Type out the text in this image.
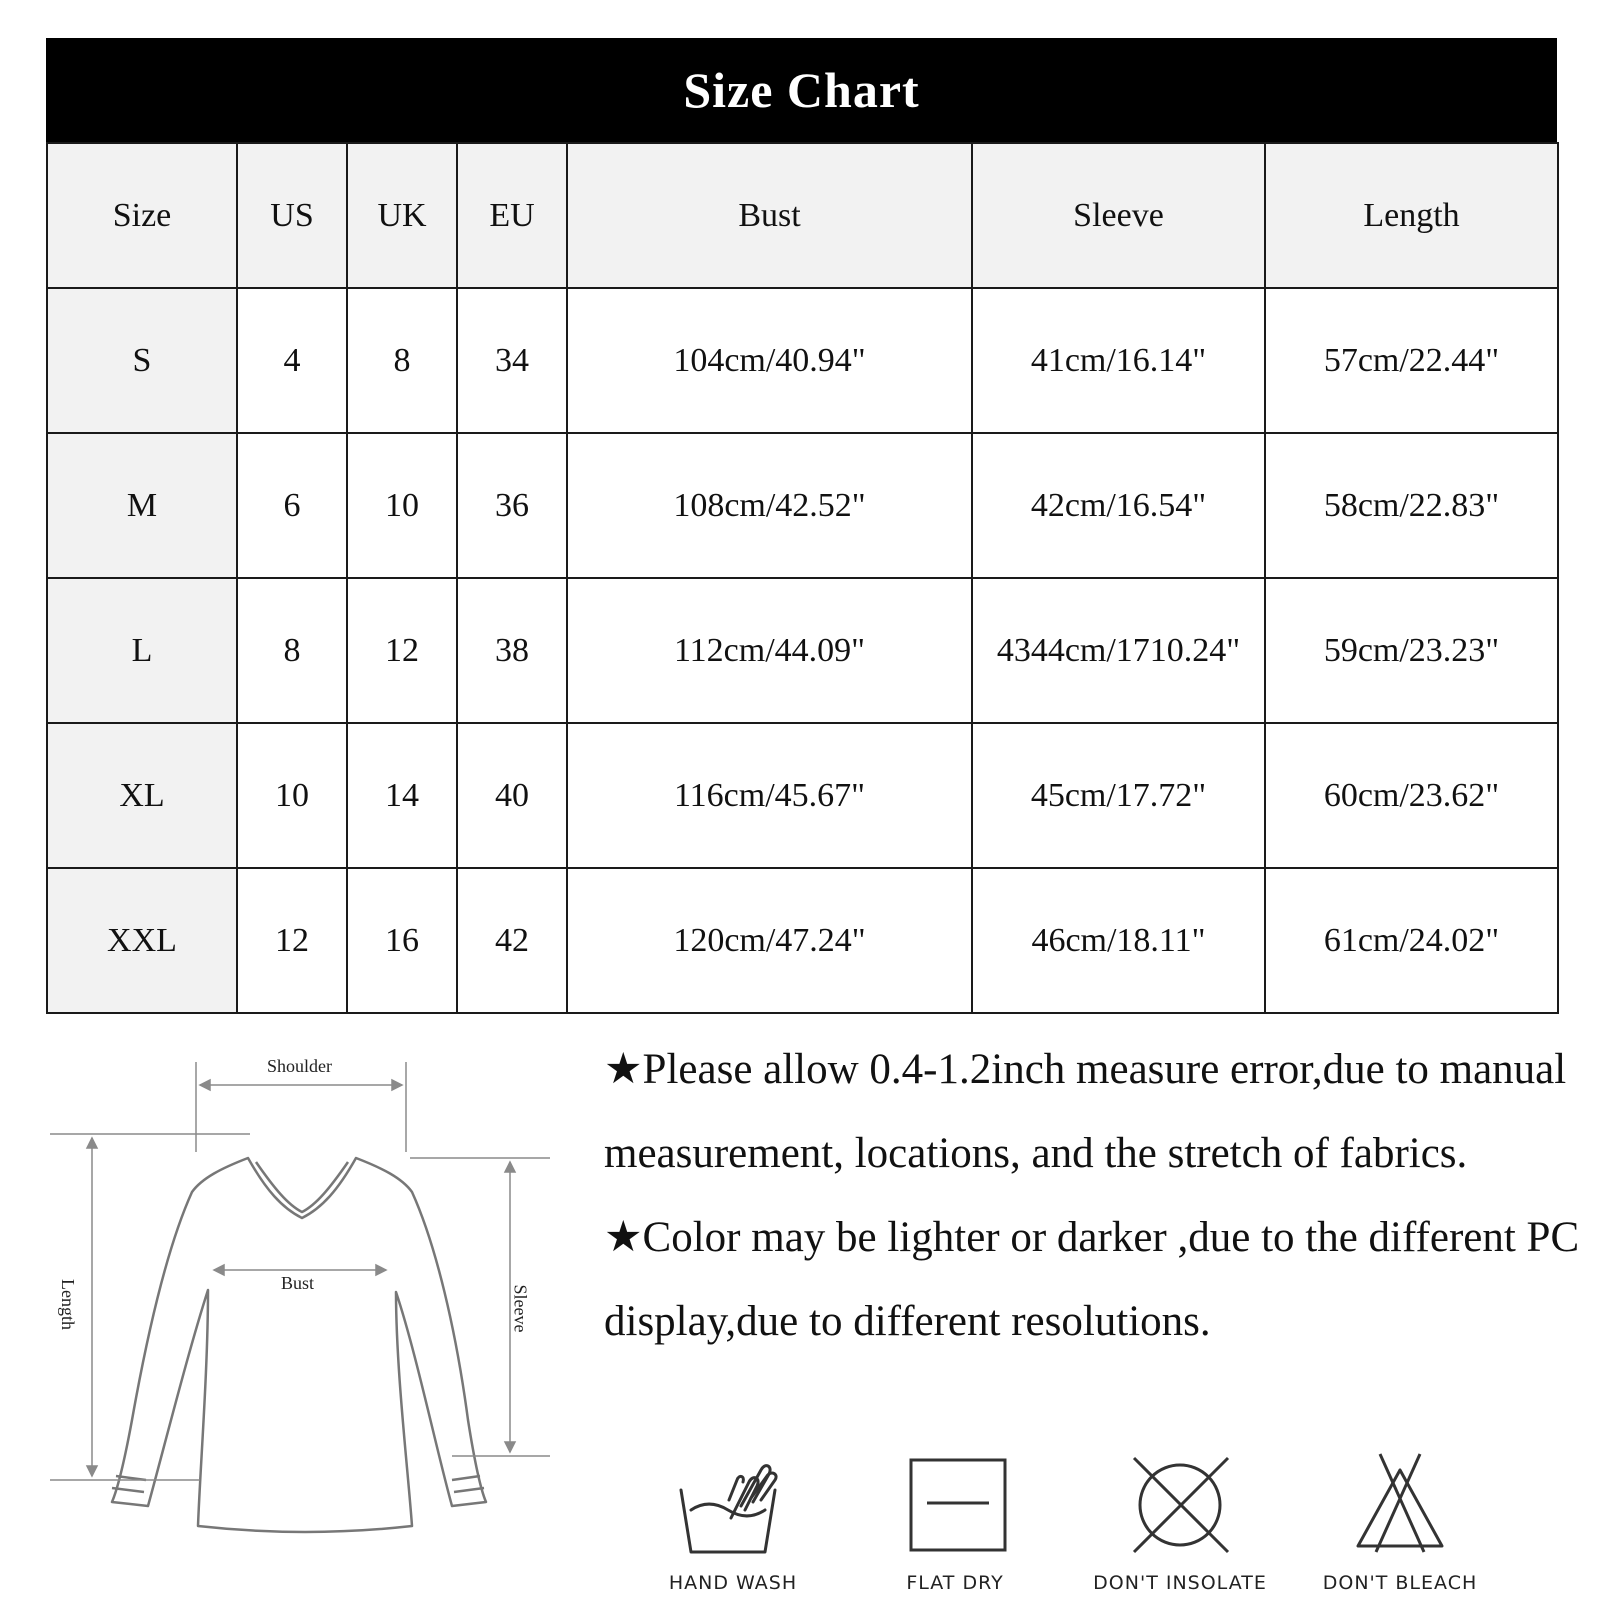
Size Chart
Size	US	UK	EU	Bust	Sleeve	Length
S	4	8	34	104cm/40.94"	41cm/16.14"	57cm/22.44"
M	6	10	36	108cm/42.52"	42cm/16.54"	58cm/22.83"
L	8	12	38	112cm/44.09"	4344cm/1710.24"	59cm/23.23"
XL	10	14	40	116cm/45.67"	45cm/17.72"	60cm/23.62"
XXL	12	16	42	120cm/47.24"	46cm/18.11"	61cm/24.02"
Shoulder
Bust
Length	Sleeve

★Please allow 0.4-1.2inch measure error,due to manual measurement, locations, and the stretch of fabrics.

★Color may be lighter or darker ,due to the different PC display,due to different resolutions.

HAND WASH	FLAT DRY	DON'T INSOLATE	DON'T BLEACH
